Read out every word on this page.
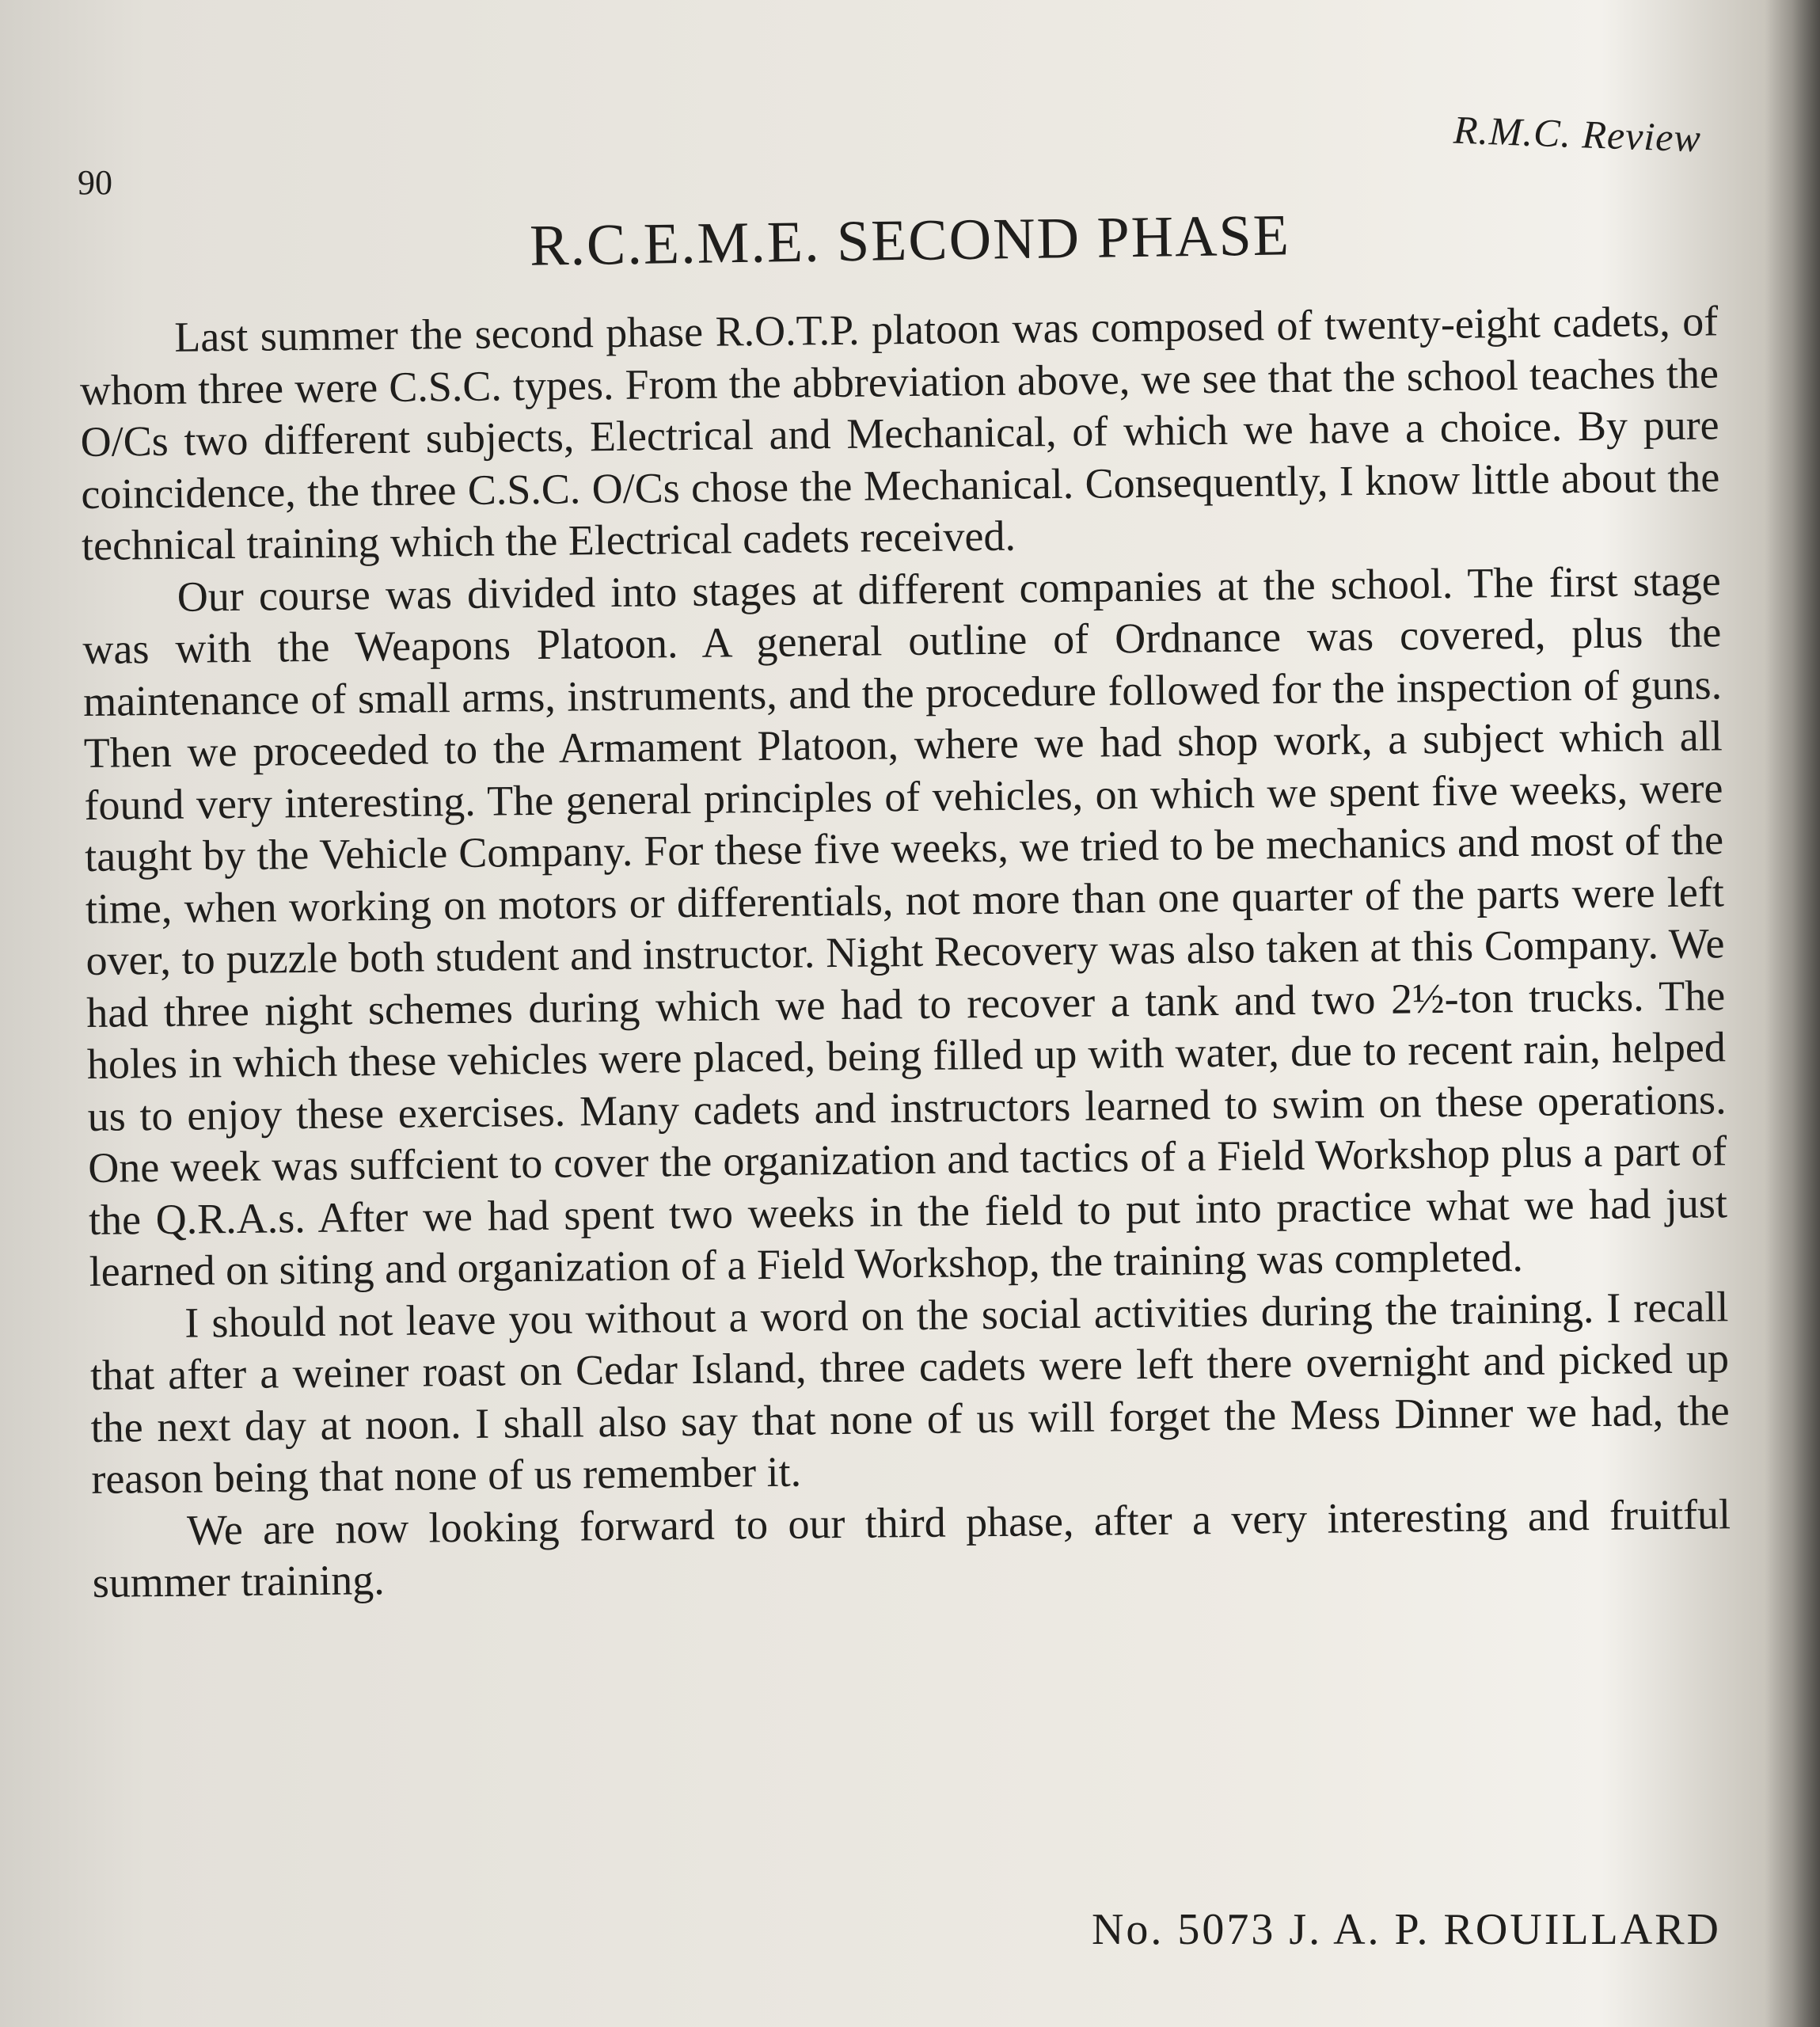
R.M.C. Review
90
R.C.E.M.E. SECOND PHASE

Last summer the second phase R.O.T.P. platoon was composed of twenty-eight cadets, of whom three were C.S.C. types. From the abbreviation above, we see that the school teaches the O/Cs two different subjects, Electrical and Mechanical, of which we have a choice. By pure coincidence, the three C.S.C. O/Cs chose the Mechanical. Consequently, I know little about the technical training which the Electrical cadets received.

Our course was divided into stages at different companies at the school. The first stage was with the Weapons Platoon. A general outline of Ordnance was covered, plus the maintenance of small arms, instruments, and the procedure followed for the inspection of guns. Then we proceeded to the Armament Platoon, where we had shop work, a subject which all found very interesting. The general principles of vehicles, on which we spent five weeks, were taught by the Vehicle Company. For these five weeks, we tried to be mechanics and most of the time, when working on motors or differentials, not more than one quarter of the parts were left over, to puzzle both student and instructor. Night Recovery was also taken at this Company. We had three night schemes during which we had to recover a tank and two 2½-ton trucks. The holes in which these vehicles were placed, being filled up with water, due to recent rain, helped us to enjoy these exercises. Many cadets and instructors learned to swim on these operations. One week was suffcient to cover the organization and tactics of a Field Workshop plus a part of the Q.R.A.s. After we had spent two weeks in the field to put into practice what we had just learned on siting and organization of a Field Workshop, the training was completed.

I should not leave you without a word on the social activities during the training. I recall that after a weiner roast on Cedar Island, three cadets were left there overnight and picked up the next day at noon. I shall also say that none of us will forget the Mess Dinner we had, the reason being that none of us remember it.

We are now looking forward to our third phase, after a very interesting and fruitful summer training.

No. 5073 J. A. P. ROUILLARD
